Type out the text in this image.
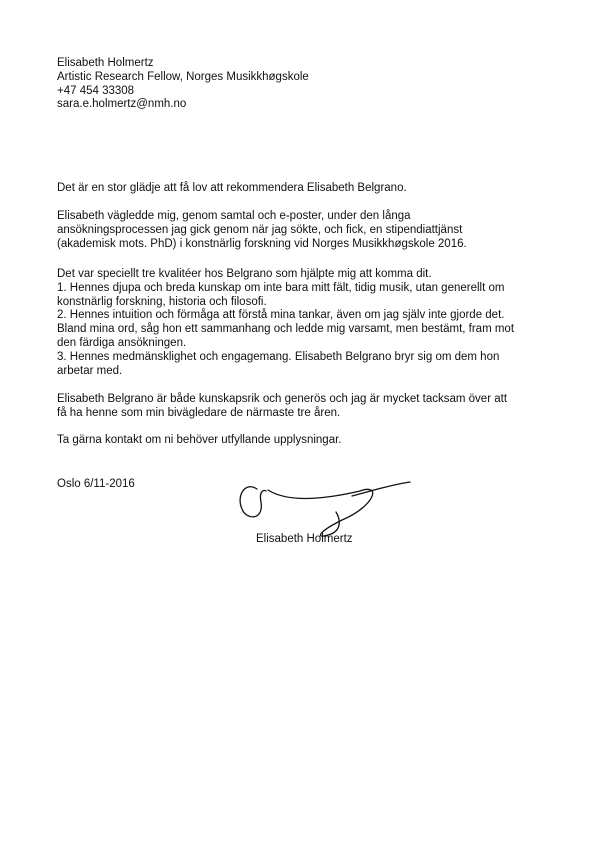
Elisabeth Holmertz
Artistic Research Fellow, Norges Musikkhøgskole
+47 454 33308
sara.e.holmertz@nmh.no

Det är en stor glädje att få lov att rekommendera Elisabeth Belgrano.

Elisabeth vägledde mig, genom samtal och e-poster, under den långa
ansökningsprocessen jag gick genom när jag sökte, och fick, en stipendiattjänst
(akademisk mots. PhD) i konstnärlig forskning vid Norges Musikkhøgskole 2016.
Det var speciellt tre kvalitéer hos Belgrano som hjälpte mig att komma dit.
1. Hennes djupa och breda kunskap om inte bara mitt fält, tidig musik, utan generellt om
konstnärlig forskning, historia och filosofi.
2. Hennes intuition och förmåga att förstå mina tankar, även om jag själv inte gjorde det.
Bland mina ord, såg hon ett sammanhang och ledde mig varsamt, men bestämt, fram mot
den färdiga ansökningen.
3. Hennes medmänsklighet och engagemang. Elisabeth Belgrano bryr sig om dem hon
arbetar med.
Elisabeth Belgrano är både kunskapsrik och generös och jag är mycket tacksam över att
få ha henne som min bivägledare de närmaste tre åren.

Ta gärna kontakt om ni behöver utfyllande upplysningar.

Oslo 6/11-2016

Elisabeth Holmertz
